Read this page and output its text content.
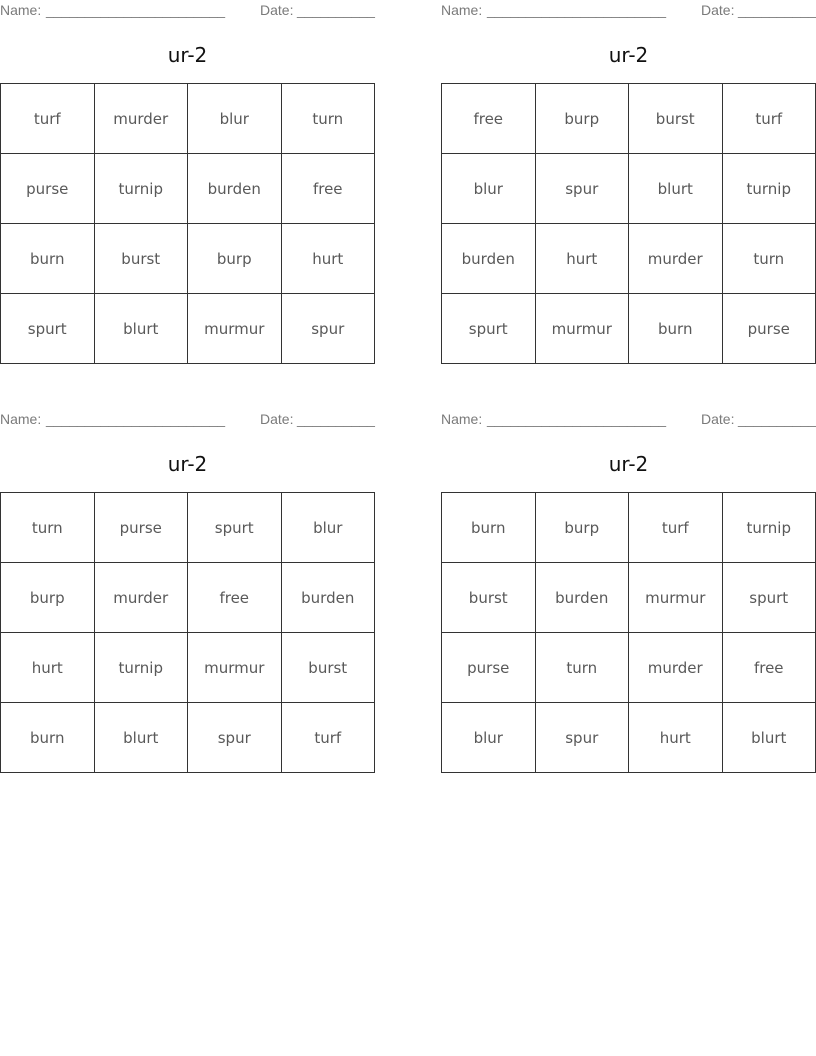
Name: _______________________ Date: __________
ur-2
turf	murder	blur	turn
purse	turnip	burden	free
burn	burst	burp	hurt
spurt	blurt	murmur	spur
Name: _______________________ Date: __________
ur-2
free	burp	burst	turf
blur	spur	blurt	turnip
burden	hurt	murder	turn
spurt	murmur	burn	purse
Name: _______________________ Date: __________
ur-2
turn	purse	spurt	blur
burp	murder	free	burden
hurt	turnip	murmur	burst
burn	blurt	spur	turf
Name: _______________________ Date: __________
ur-2
burn	burp	turf	turnip
burst	burden	murmur	spurt
purse	turn	murder	free
blur	spur	hurt	blurt
